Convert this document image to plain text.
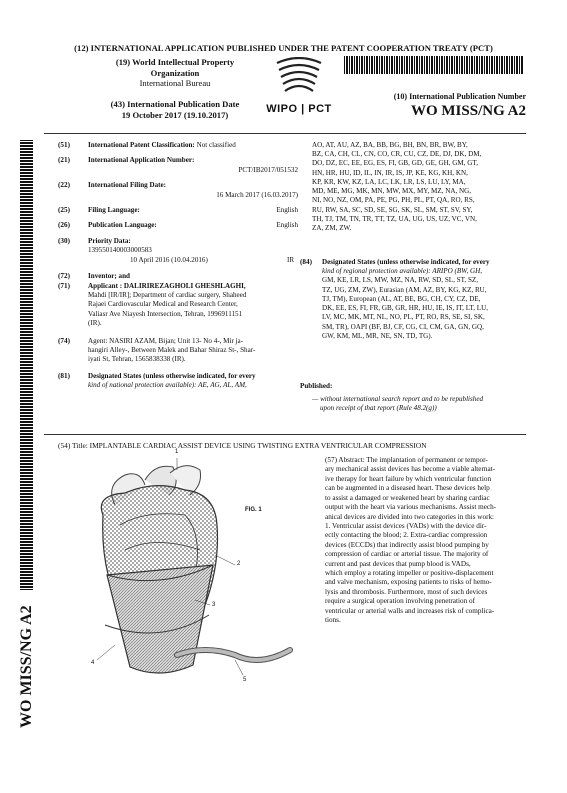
(12) INTERNATIONAL APPLICATION PUBLISHED UNDER THE PATENT COOPERATION TREATY (PCT)
(19) World Intellectual Property
Organization
International Bureau
(43) International Publication Date
19 October 2017 (19.10.2017)	WIPO | PCT
(10) International Publication Number
WO MISS/NG A2
WO MISS/NG A2
(51)	International Patent Classification: Not classified
(21)	International Application Number:
PCT/IB2017/051532
(22)	International Filing Date:
16 March 2017 (16.03.2017)
(25)	Filing Language:	English
(26)	Publication Language:	English
(30)	Priority Data:
139550140003000583
10 April 2016 (10.04.2016)	IR
(72)	Inventor; and
(71)	Applicant : DALIRIREZAGHOLI GHESHLAGHI,
Mahdi [IR/IR]; Department of cardiac surgery, Shaheed
Rajaei Cardiovascular Medical and Research Center,
Valiasr Ave Niayesh Intersection, Tehran, 1996911151
(IR).
(74)	Agent: NASIRI AZAM, Bijan; Unit 13- No 4-, Mir ja-
hangiri Alley-, Between Malek and Bahar Shiraz St-, Shar-
iyati St, Tehran, 1565838338 (IR).
(81)	Designated States (unless otherwise indicated, for every
kind of national protection available): AE, AG, AL, AM,
AO, AT, AU, AZ, BA, BB, BG, BH, BN, BR, BW, BY,
BZ, CA, CH, CL, CN, CO, CR, CU, CZ, DE, DJ, DK, DM,
DO, DZ, EC, EE, EG, ES, FI, GB, GD, GE, GH, GM, GT,
HN, HR, HU, ID, IL, IN, IR, IS, JP, KE, KG, KH, KN,
KP, KR, KW, KZ, LA, LC, LK, LR, LS, LU, LY, MA,
MD, ME, MG, MK, MN, MW, MX, MY, MZ, NA, NG,
NI, NO, NZ, OM, PA, PE, PG, PH, PL, PT, QA, RO, RS,
RU, RW, SA, SC, SD, SE, SG, SK, SL, SM, ST, SV, SY,
TH, TJ, TM, TN, TR, TT, TZ, UA, UG, US, UZ, VC, VN,
ZA, ZM, ZW.
(84) Designated States (unless otherwise indicated, for every
kind of regional protection available): ARIPO (BW, GH,
GM, KE, LR, LS, MW, MZ, NA, RW, SD, SL, ST, SZ,
TZ, UG, ZM, ZW), Eurasian (AM, AZ, BY, KG, KZ, RU,
TJ, TM), European (AL, AT, BE, BG, CH, CY, CZ, DE,
DK, EE, ES, FI, FR, GB, GR, HR, HU, IE, IS, IT, LT, LU,
LV, MC, MK, MT, NL, NO, PL, PT, RO, RS, SE, SI, SK,
SM, TR), OAPI (BF, BJ, CF, CG, CI, CM, GA, GN, GQ,
GW, KM, ML, MR, NE, SN, TD, TG).
Published:
— without international search report and to be republished
upon receipt of that report (Rule 48.2(g))
(54) Title: IMPLANTABLE CARDIAC ASSIST DEVICE USING TWISTING EXTRA VENTRICULAR COMPRESSION
FIG. 1
1
2
3
4
5
(57) Abstract: The implantation of permanent or tempor-
ary mechanical assist devices has become a viable alternat-
ive therapy for heart failure by which ventricular function
can be augmented in a diseased heart. These devices help
to assist a damaged or weakened heart by sharing cardiac
output with the heart via various mechanisms. Assist mech-
anical devices are divided into two categories in this work:
1. Ventricular assist devices (VADs) with the device dir-
ectly contacting the blood; 2. Extra-cardiac compression
devices (ECCDs) that indirectly assist blood pumping by
compression of cardiac or arterial tissue. The majority of
current and past devices that pump blood is VADs,
which employ a rotating impeller or positive-displacement
and valve mechanism, exposing patients to risks of hemo-
lysis and thrombosis. Furthermore, most of such devices
require a surgical operation involving penetration of
ventricular or arterial walls and increases risk of complica-
tions.
